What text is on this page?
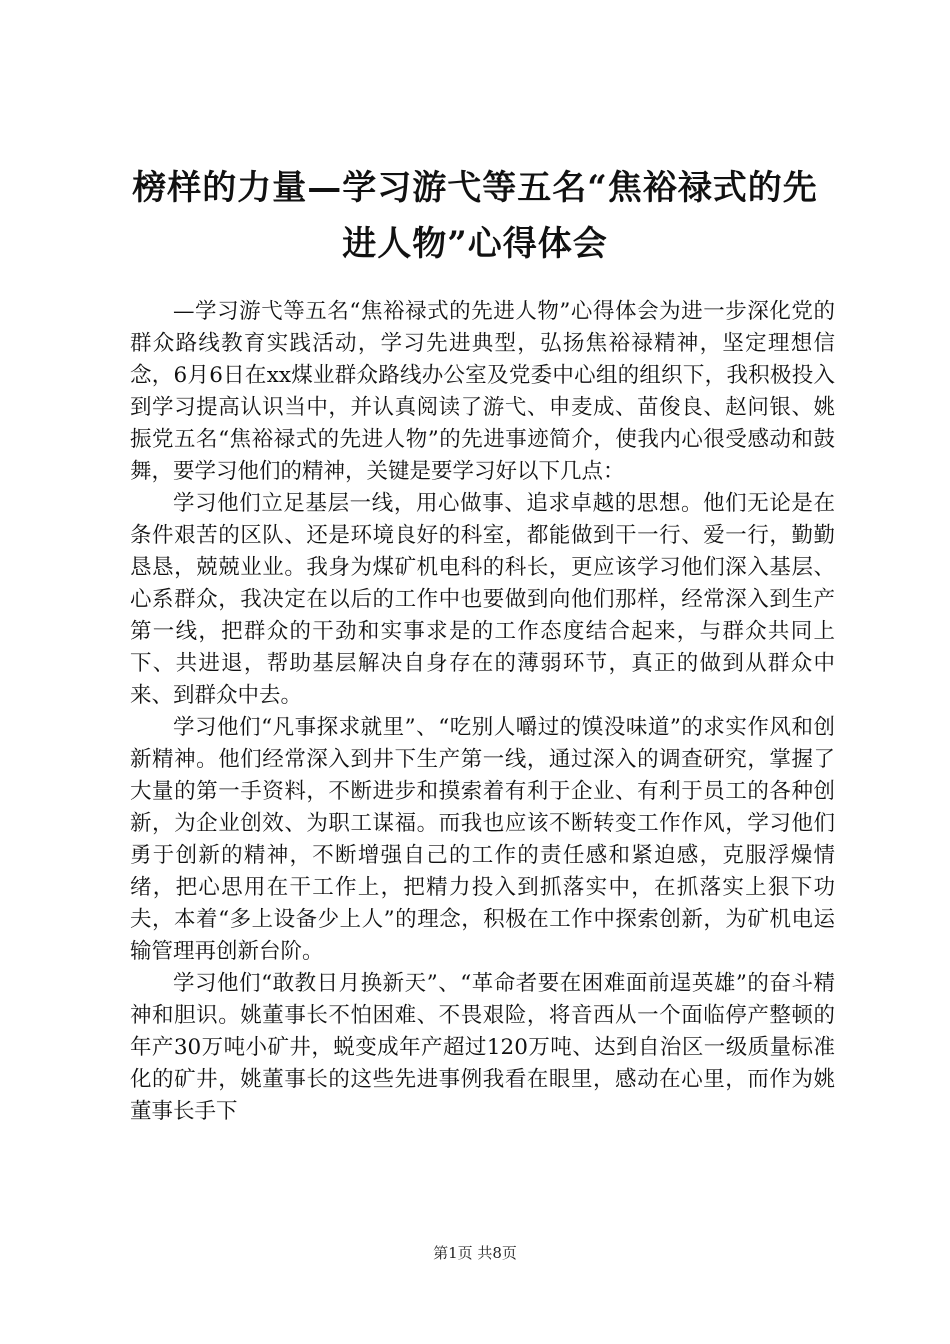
榜样的力量—学习游弋等五名“焦裕禄式的先进人物”心得体会

—学习游弋等五名“焦裕禄式的先进人物”心得体会为进一步深化党的群众路线教育实践活动，学习先进典型，弘扬焦裕禄精神，坚定理想信念，6月6日在xx煤业群众路线办公室及党委中心组的组织下，我积极投入到学习提高认识当中，并认真阅读了游弋、申麦成、苗俊良、赵问银、姚振党五名“焦裕禄式的先进人物”的先进事迹简介，使我内心很受感动和鼓舞，要学习他们的精神，关键是要学习好以下几点：

学习他们立足基层一线，用心做事、追求卓越的思想。他们无论是在条件艰苦的区队、还是环境良好的科室，都能做到干一行、爱一行，勤勤恳恳，兢兢业业。我身为煤矿机电科的科长，更应该学习他们深入基层、心系群众，我决定在以后的工作中也要做到向他们那样，经常深入到生产第一线，把群众的干劲和实事求是的工作态度结合起来，与群众共同上下、共进退，帮助基层解决自身存在的薄弱环节，真正的做到从群众中来、到群众中去。

学习他们“凡事探求就里”、“吃别人嚼过的馍没味道”的求实作风和创新精神。他们经常深入到井下生产第一线，通过深入的调查研究，掌握了大量的第一手资料，不断进步和摸索着有利于企业、有利于员工的各种创新，为企业创效、为职工谋福。而我也应该不断转变工作作风，学习他们勇于创新的精神，不断增强自己的工作的责任感和紧迫感，克服浮燥情绪，把心思用在干工作上，把精力投入到抓落实中，在抓落实上狠下功夫，本着“多上设备少上人”的理念，积极在工作中探索创新，为矿机电运输管理再创新台阶。

学习他们“敢教日月换新天”、“革命者要在困难面前逞英雄”的奋斗精神和胆识。姚董事长不怕困难、不畏艰险，将音西从一个面临停产整顿的年产30万吨小矿井，蜕变成年产超过120万吨、达到自治区一级质量标准化的矿井，姚董事长的这些先进事例我看在眼里，感动在心里，而作为姚董事长手下

第1页 共8页
